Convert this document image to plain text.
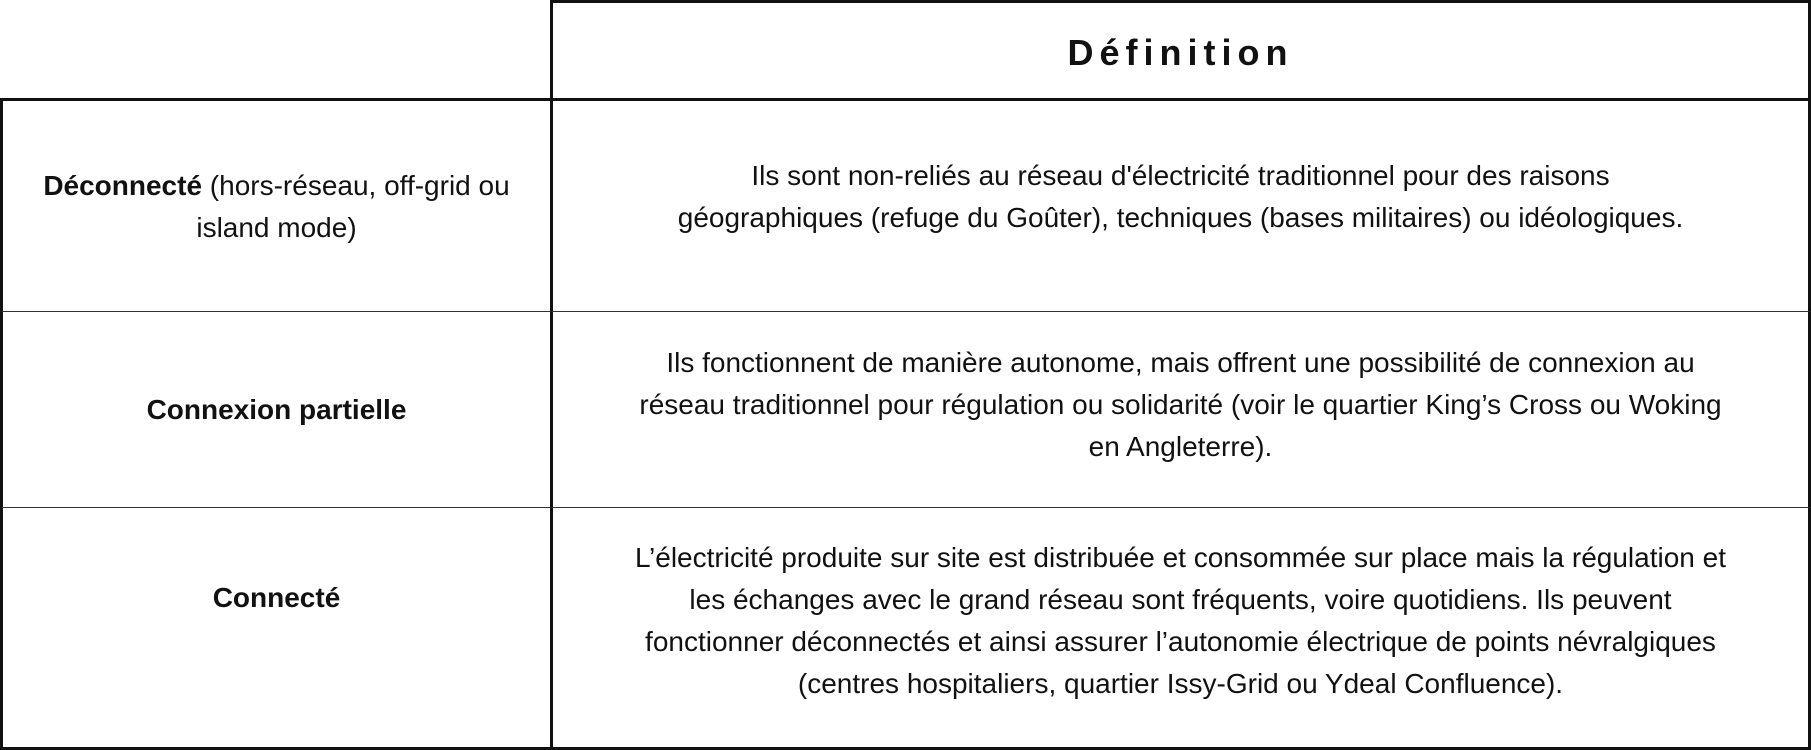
Définition
Déconnecté (hors-réseau, off-grid ou island mode)
Ils sont non-reliés au réseau d'électricité traditionnel pour des raisons géographiques (refuge du Goûter), techniques (bases militaires) ou idéologiques.
Connexion partielle
Ils fonctionnent de manière autonome, mais offrent une possibilité de connexion au réseau traditionnel pour régulation ou solidarité (voir le quartier King’s Cross ou Woking en Angleterre).
Connecté
L’électricité produite sur site est distribuée et consommée sur place mais la régulation et les échanges avec le grand réseau sont fréquents, voire quotidiens. Ils peuvent fonctionner déconnectés et ainsi assurer l’autonomie électrique de points névralgiques (centres hospitaliers, quartier Issy-Grid ou Ydeal Confluence).
